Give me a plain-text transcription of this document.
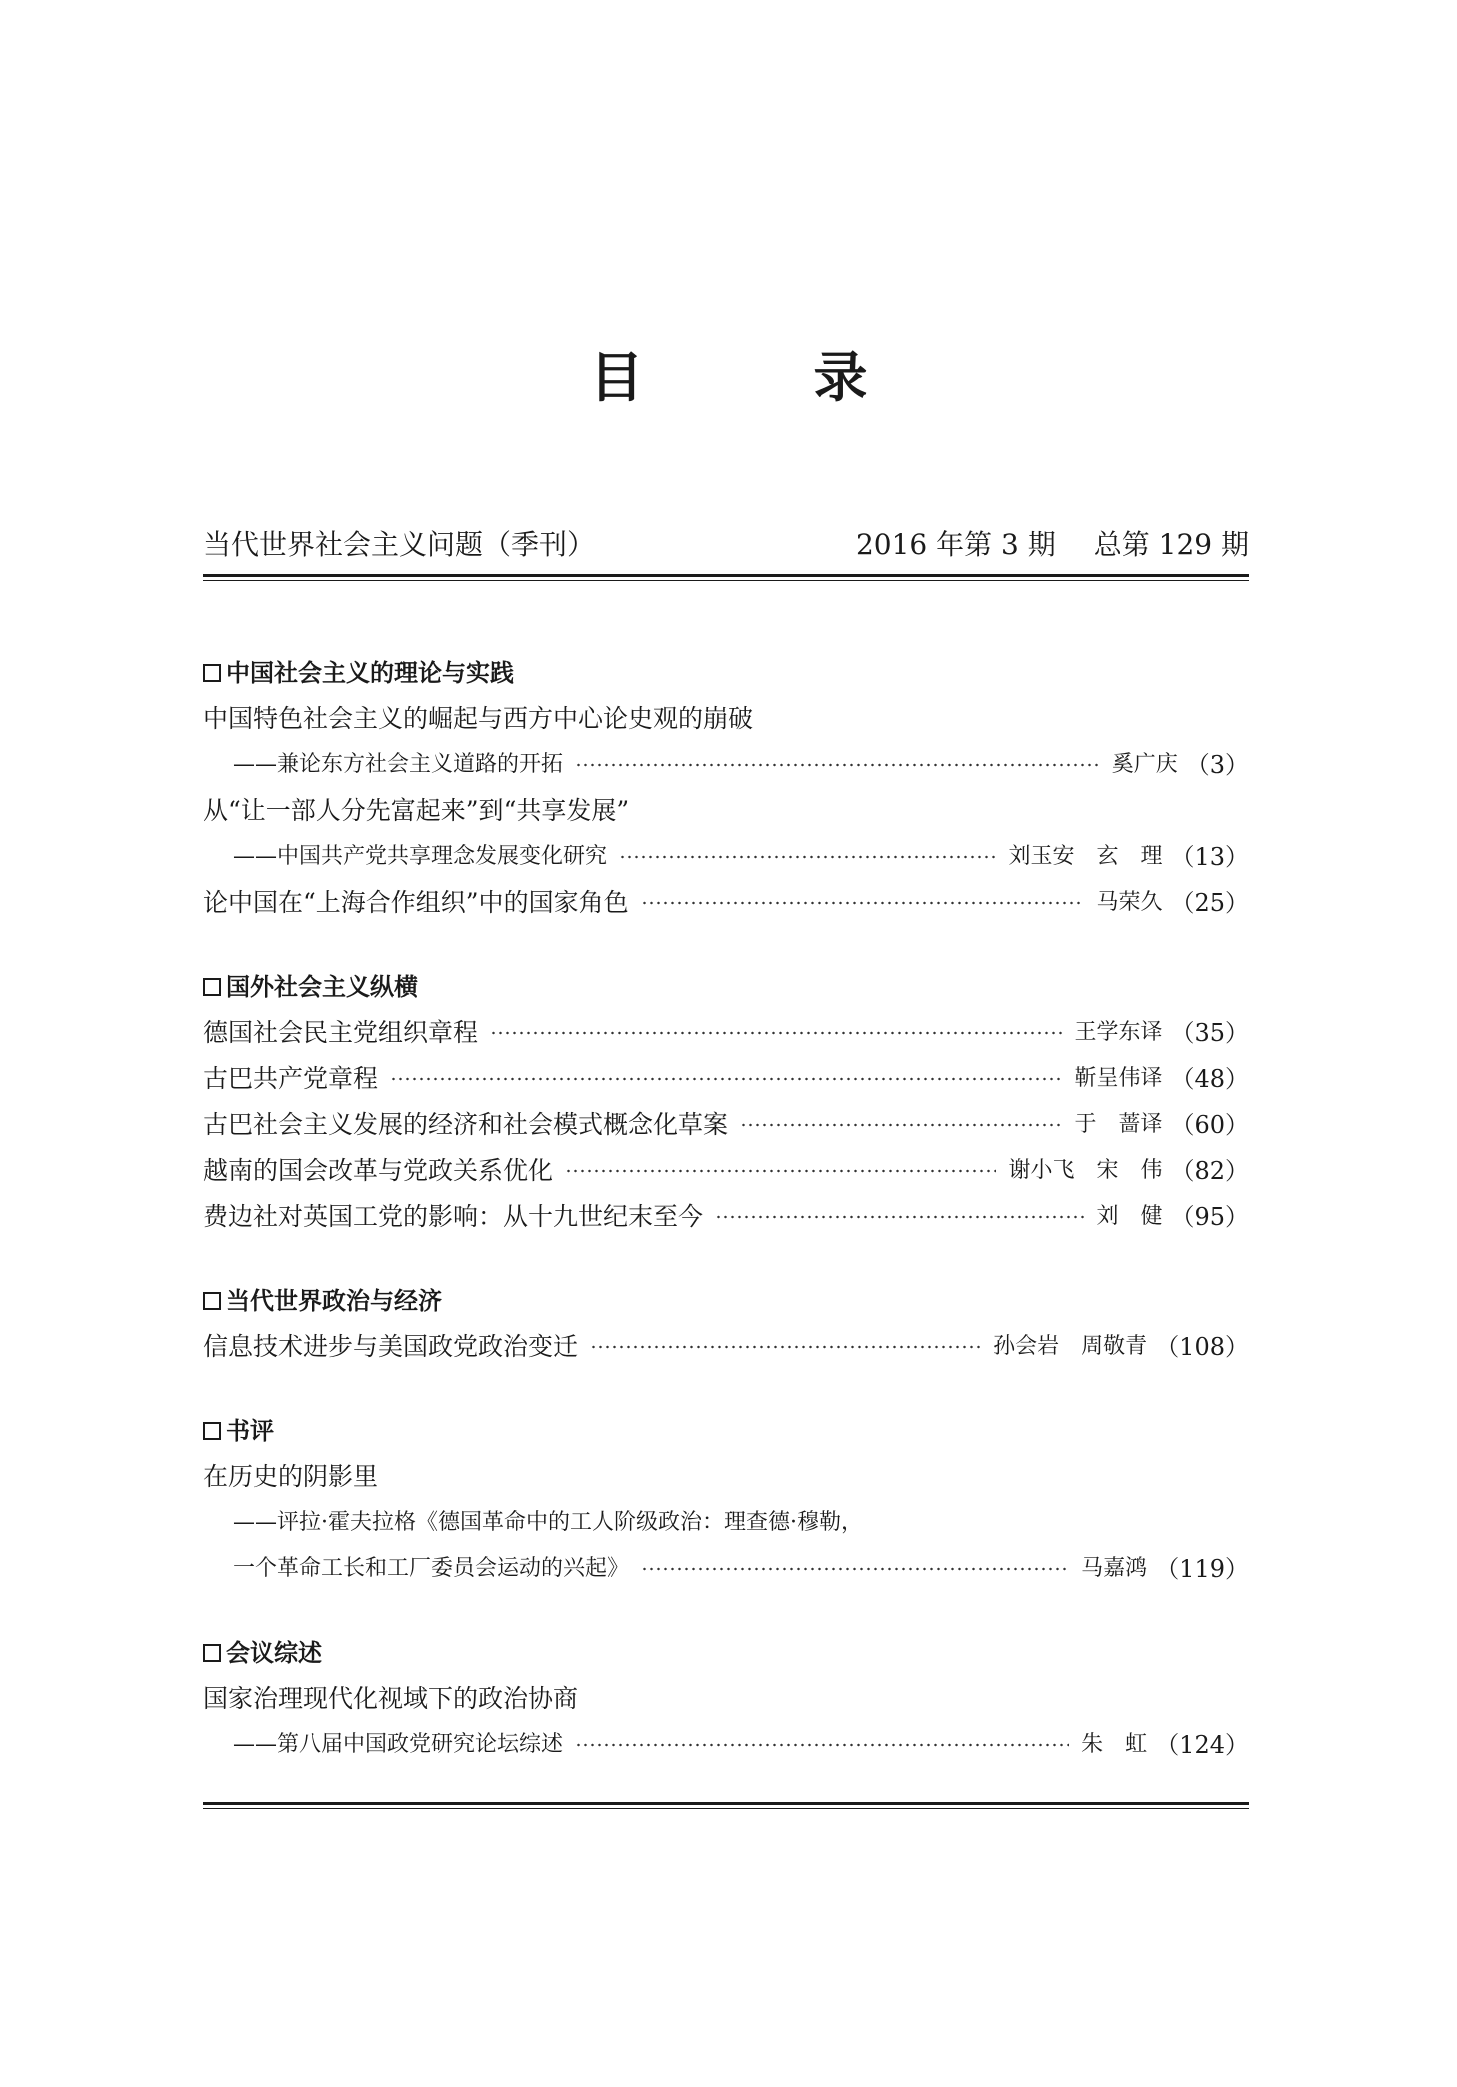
目	录
当代世界社会主义问题（季刊）	2016 年第 3 期 总第 129 期
中国社会主义的理论与实践
中国特色社会主义的崛起与西方中心论史观的崩破
——兼论东方社会主义道路的开拓	奚广庆 （3）
从“让一部人分先富起来”到“共享发展”
——中国共产党共享理念发展变化研究	刘玉安　玄　理 （13）
论中国在“上海合作组织”中的国家角色	马荣久 （25）
国外社会主义纵横
德国社会民主党组织章程	王学东译 （35）
古巴共产党章程	靳呈伟译 （48）
古巴社会主义发展的经济和社会模式概念化草案	于　蔷译 （60）
越南的国会改革与党政关系优化	谢小飞　宋　伟 （82）
费边社对英国工党的影响：从十九世纪末至今	刘　健 （95）
当代世界政治与经济
信息技术进步与美国政党政治变迁	孙会岩　周敬青 （108）
书评
在历史的阴影里
——评拉·霍夫拉格《德国革命中的工人阶级政治：理查德·穆勒，
一个革命工长和工厂委员会运动的兴起》	马嘉鸿 （119）
会议综述
国家治理现代化视域下的政治协商
——第八届中国政党研究论坛综述	朱　虹 （124）
